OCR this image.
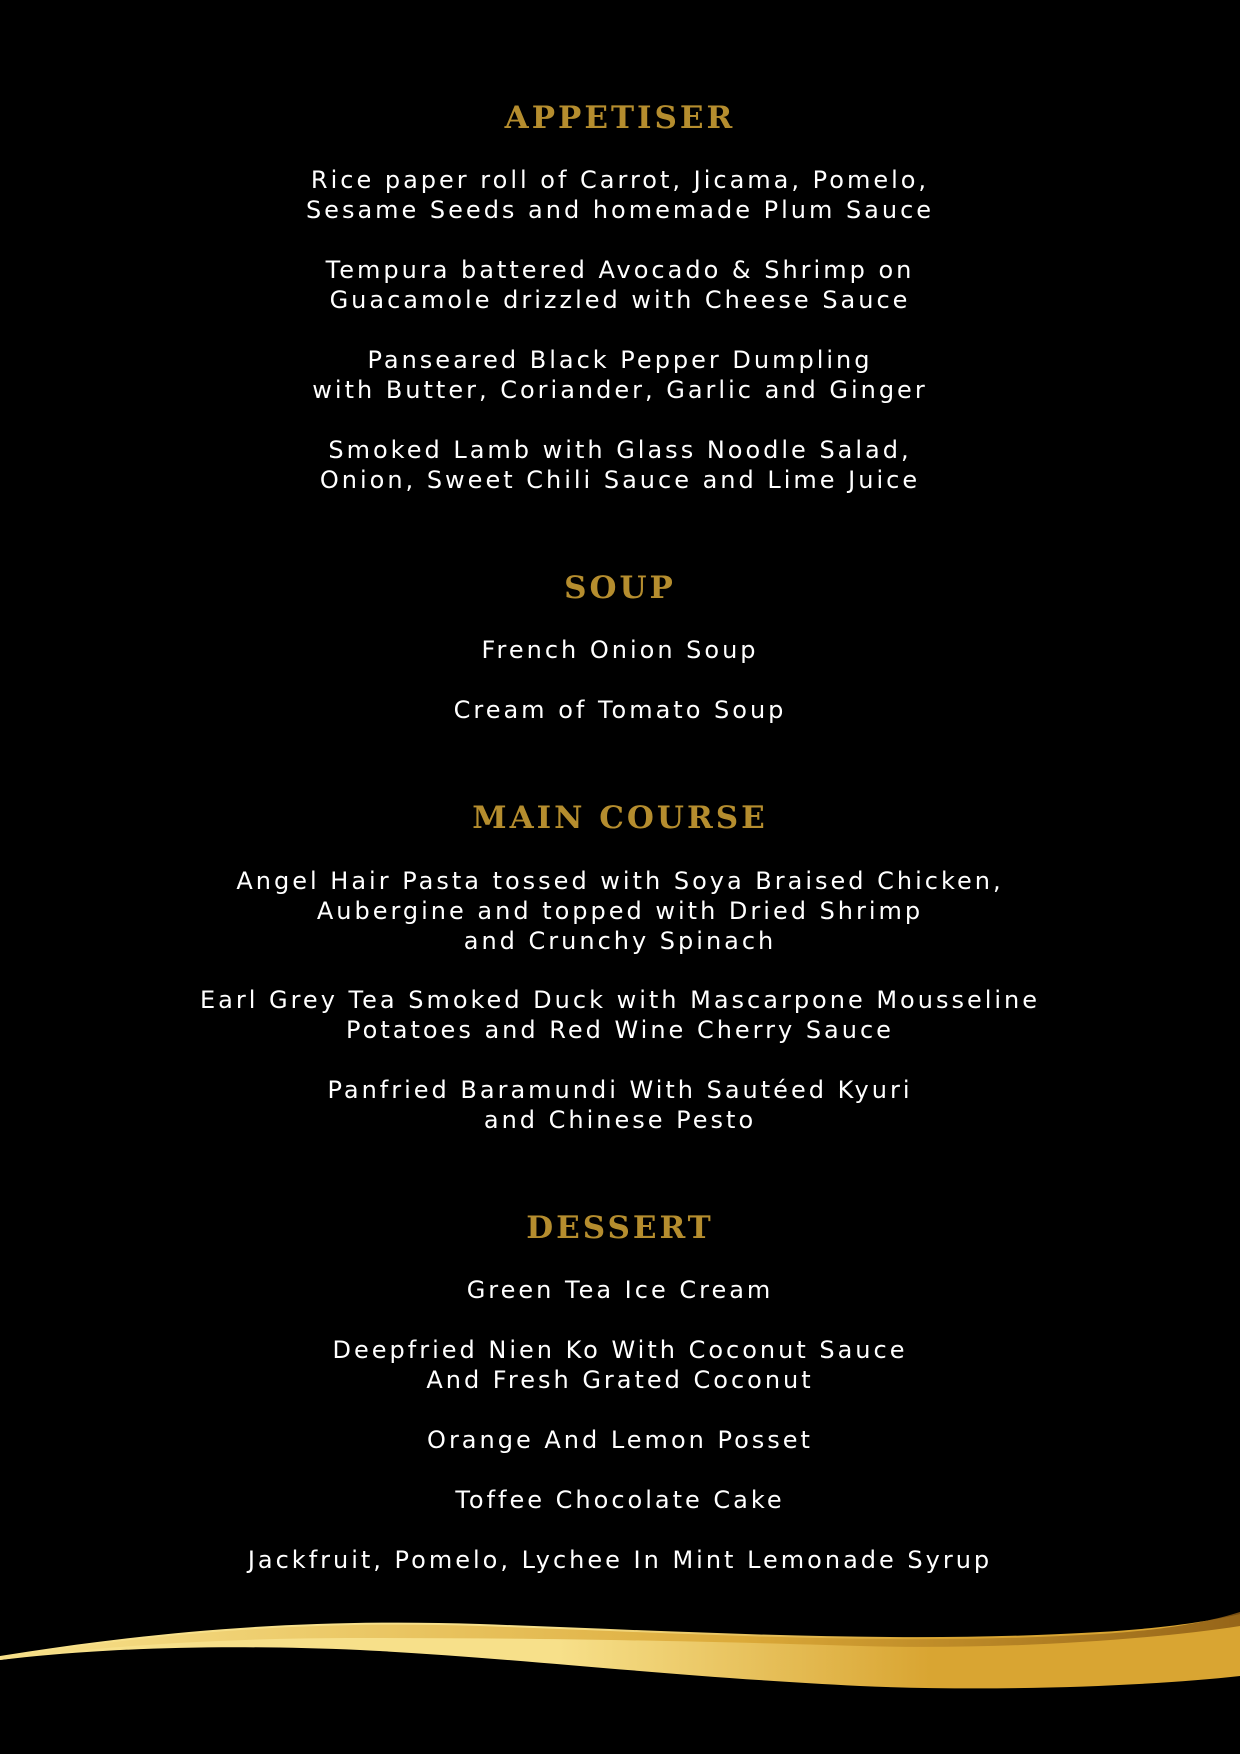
APPETISER

Rice paper roll of Carrot, Jicama, Pomelo,
Sesame Seeds and homemade Plum Sauce

Tempura battered Avocado & Shrimp on
Guacamole drizzled with Cheese Sauce

Panseared Black Pepper Dumpling
with Butter, Coriander, Garlic and Ginger

Smoked Lamb with Glass Noodle Salad,
Onion, Sweet Chili Sauce and Lime Juice

SOUP

French Onion Soup

Cream of Tomato Soup

MAIN COURSE

Angel Hair Pasta tossed with Soya Braised Chicken,
Aubergine and topped with Dried Shrimp
and Crunchy Spinach

Earl Grey Tea Smoked Duck with Mascarpone Mousseline
Potatoes and Red Wine Cherry Sauce

Panfried Baramundi With Sautéed Kyuri
and Chinese Pesto

DESSERT

Green Tea Ice Cream

Deepfried Nien Ko With Coconut Sauce
And Fresh Grated Coconut

Orange And Lemon Posset

Toffee Chocolate Cake

Jackfruit, Pomelo, Lychee In Mint Lemonade Syrup
